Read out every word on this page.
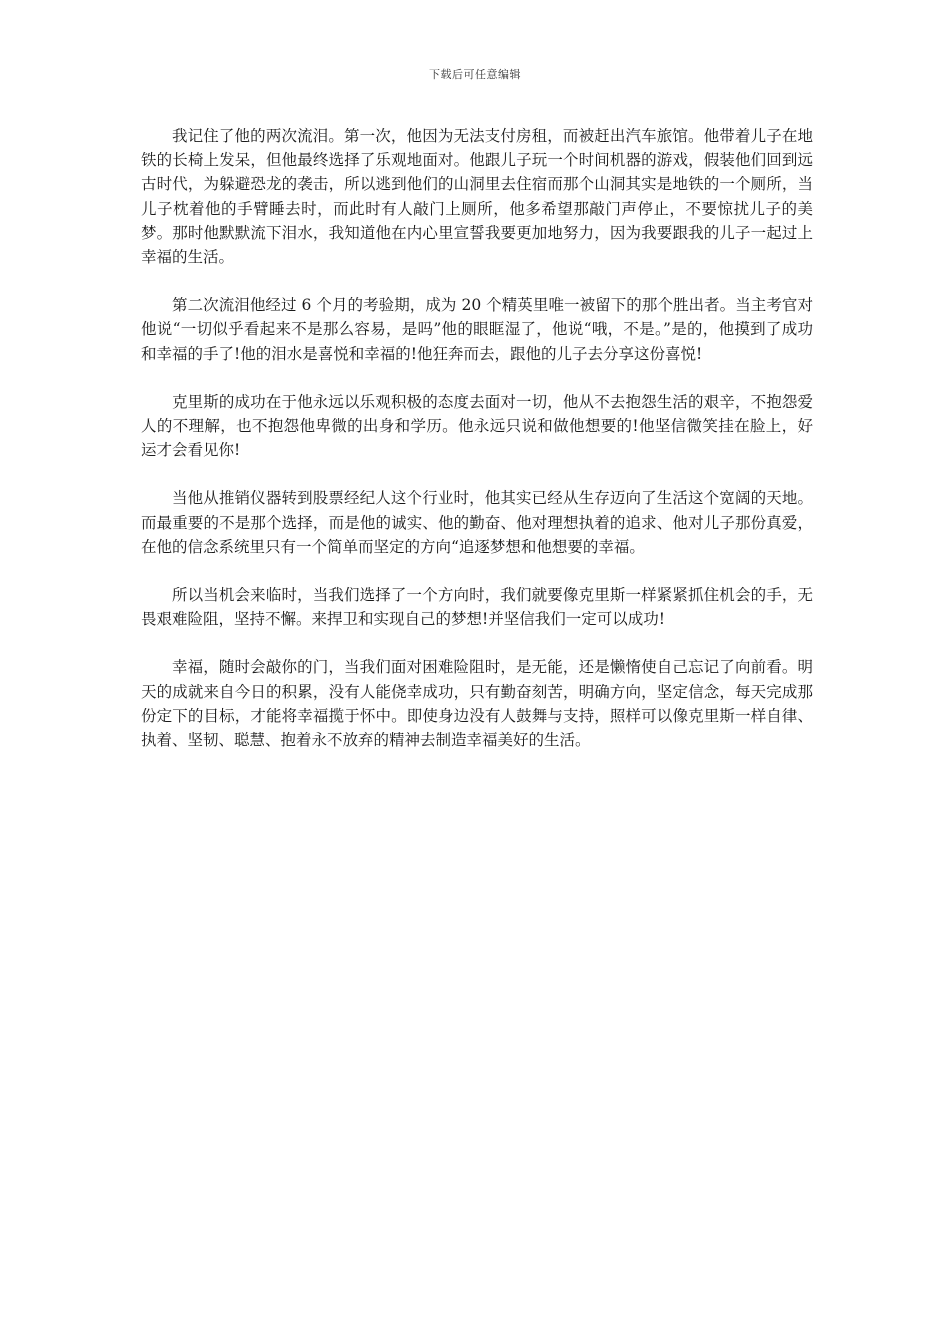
下载后可任意编辑

我记住了他的两次流泪。第一次，他因为无法支付房租，而被赶出汽车旅馆。他带着儿子在地铁的长椅上发呆，但他最终选择了乐观地面对。他跟儿子玩一个时间机器的游戏，假装他们回到远古时代，为躲避恐龙的袭击，所以逃到他们的山洞里去住宿而那个山洞其实是地铁的一个厕所，当儿子枕着他的手臂睡去时，而此时有人敲门上厕所，他多希望那敲门声停止，不要惊扰儿子的美梦。那时他默默流下泪水，我知道他在内心里宣誓我要更加地努力，因为我要跟我的儿子一起过上幸福的生活。

第二次流泪他经过 6 个月的考验期，成为 20 个精英里唯一被留下的那个胜出者。当主考官对他说“一切似乎看起来不是那么容易，是吗”他的眼眶湿了，他说“哦，不是。”是的，他摸到了成功和幸福的手了!他的泪水是喜悦和幸福的!他狂奔而去，跟他的儿子去分享这份喜悦!

克里斯的成功在于他永远以乐观积极的态度去面对一切，他从不去抱怨生活的艰辛，不抱怨爱人的不理解，也不抱怨他卑微的出身和学历。他永远只说和做他想要的!他坚信微笑挂在脸上，好运才会看见你!

当他从推销仪器转到股票经纪人这个行业时，他其实已经从生存迈向了生活这个宽阔的天地。而最重要的不是那个选择，而是他的诚实、他的勤奋、他对理想执着的追求、他对儿子那份真爱，在他的信念系统里只有一个简单而坚定的方向“追逐梦想和他想要的幸福。

所以当机会来临时，当我们选择了一个方向时，我们就要像克里斯一样紧紧抓住机会的手，无畏艰难险阻，坚持不懈。来捍卫和实现自己的梦想!并坚信我们一定可以成功!

幸福，随时会敲你的门，当我们面对困难险阻时，是无能，还是懒惰使自己忘记了向前看。明天的成就来自今日的积累，没有人能侥幸成功，只有勤奋刻苦，明确方向，坚定信念，每天完成那份定下的目标，才能将幸福揽于怀中。即使身边没有人鼓舞与支持，照样可以像克里斯一样自律、执着、坚韧、聪慧、抱着永不放弃的精神去制造幸福美好的生活。
